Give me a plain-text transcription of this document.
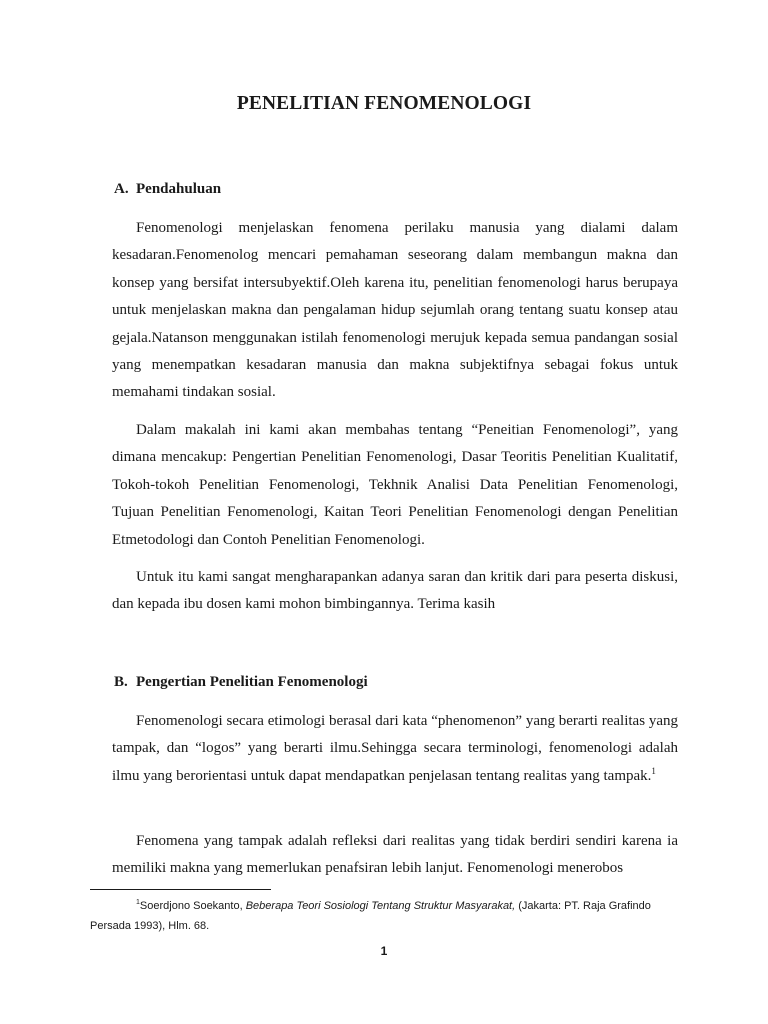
PENELITIAN FENOMENOLOGI
A. Pendahuluan

Fenomenologi menjelaskan fenomena perilaku manusia yang dialami dalam kesadaran.Fenomenolog mencari pemahaman seseorang dalam membangun makna dan konsep yang bersifat intersubyektif.Oleh karena itu, penelitian fenomenologi harus berupaya untuk menjelaskan makna dan pengalaman hidup sejumlah orang tentang suatu konsep atau gejala.Natanson menggunakan istilah fenomenologi merujuk kepada semua pandangan sosial yang menempatkan kesadaran manusia dan makna subjektifnya sebagai fokus untuk memahami tindakan sosial.

Dalam makalah ini kami akan membahas tentang “Peneitian Fenomenologi”, yang dimana mencakup: Pengertian Penelitian Fenomenologi, Dasar Teoritis Penelitian Kualitatif, Tokoh-tokoh Penelitian Fenomenologi, Tekhnik Analisi Data Penelitian Fenomenologi, Tujuan Penelitian Fenomenologi, Kaitan Teori Penelitian Fenomenologi dengan Penelitian Etmetodologi dan Contoh Penelitian Fenomenologi.

Untuk itu kami sangat mengharapankan adanya saran dan kritik dari para peserta diskusi, dan kepada ibu dosen kami mohon bimbingannya. Terima kasih

B. Pengertian Penelitian Fenomenologi

Fenomenologi secara etimologi berasal dari kata “phenomenon” yang berarti realitas yang tampak, dan “logos” yang berarti ilmu.Sehingga secara terminologi, fenomenologi adalah ilmu yang berorientasi untuk dapat mendapatkan penjelasan tentang realitas yang tampak.$^1$

Fenomena yang tampak adalah refleksi dari realitas yang tidak berdiri sendiri karena ia memiliki makna yang memerlukan penafsiran lebih lanjut. Fenomenologi menerobos

$^1$Soerdjono Soekanto, Beberapa Teori Sosiologi Tentang Struktur Masyarakat, (Jakarta: PT. Raja Grafindo Persada 1993), Hlm. 68.

1
